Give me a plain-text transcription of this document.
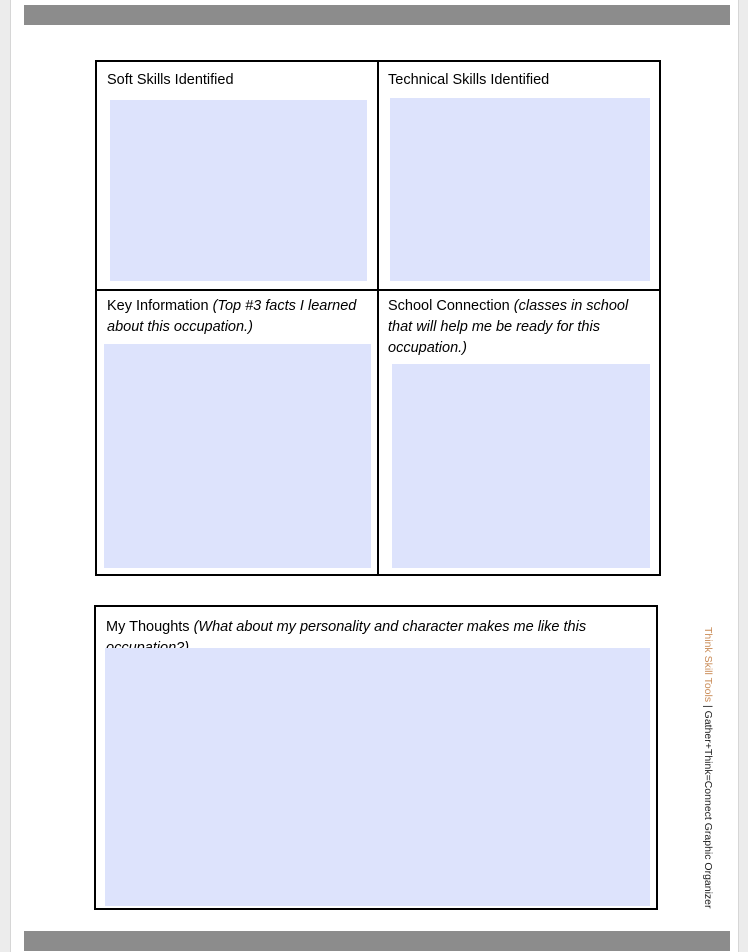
Soft Skills Identified	Technical Skills Identified
Key Information (Top #3 facts I learned about this occupation.)
School Connection (classes in school that will help me be ready for this occupation.)
My Thoughts (What about my personality and character makes me like this	Think Skill Tools | Gather+Think=Connect Graphic Organizer
